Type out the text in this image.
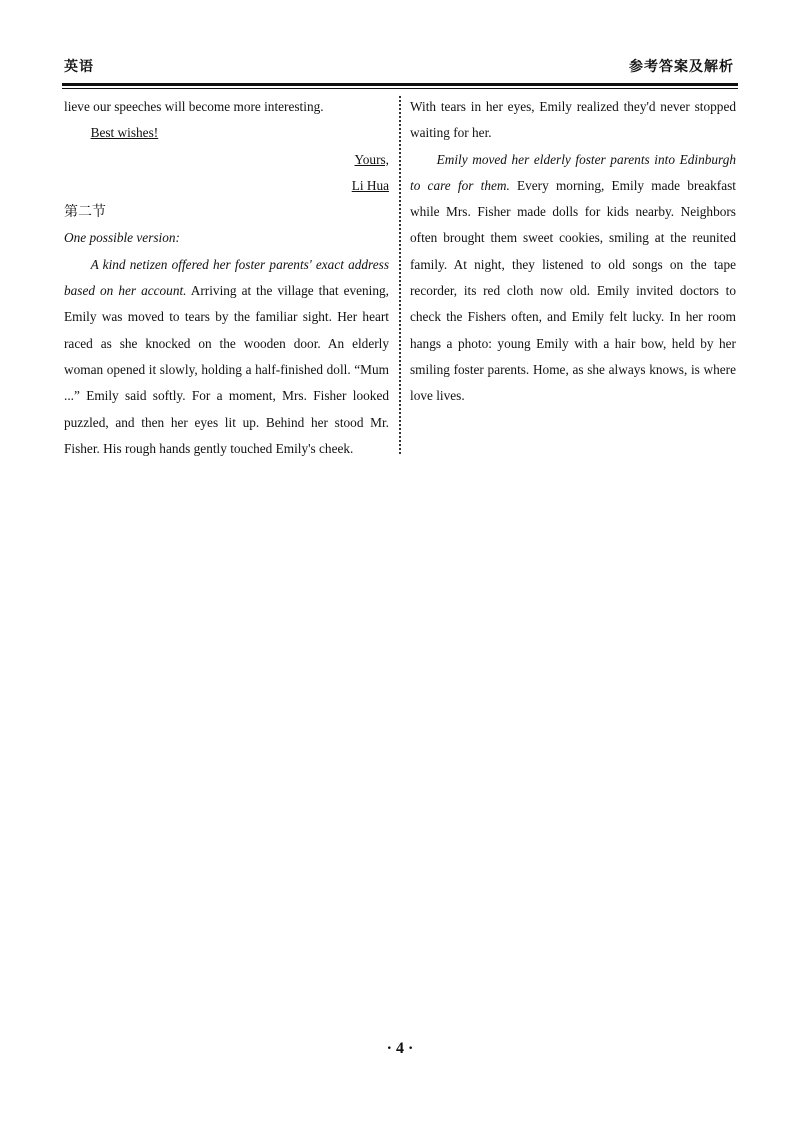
英语	参考答案及解析

lieve our speeches will become more interesting.

Best wishes!

Yours,

Li Hua

第二节

One possible version:

A kind netizen offered her foster parents' exact address based on her account. Arriving at the village that evening, Emily was moved to tears by the familiar sight. Her heart raced as she knocked on the wooden door. An elderly woman opened it slowly, holding a half-finished doll. “Mum ...” Emily said softly. For a moment, Mrs. Fisher looked puzzled, and then her eyes lit up. Behind her stood Mr. Fisher. His rough hands gently touched Emily's cheek.

With tears in her eyes, Emily realized they'd never stopped waiting for her.

Emily moved her elderly foster parents into Edinburgh to care for them. Every morning, Emily made breakfast while Mrs. Fisher made dolls for kids nearby. Neighbors often brought them sweet cookies, smiling at the reunited family. At night, they listened to old songs on the tape recorder, its red cloth now old. Emily invited doctors to check the Fishers often, and Emily felt lucky. In her room hangs a photo: young Emily with a hair bow, held by her smiling foster parents. Home, as she always knows, is where love lives.

· 4 ·
